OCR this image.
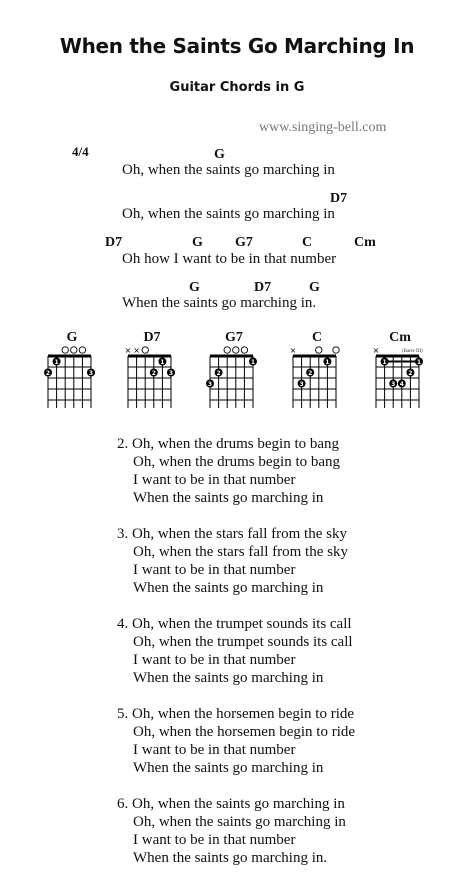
When the Saints Go Marching In
Guitar Chords in G
www.singing-bell.com
4/4	G
Oh, when the saints go marching in
D7
Oh, when the saints go marching in
D7	G G7	C	Cm
Oh how I want to be in that number
G	D7	G
When the saints go marching in.
G
1
2	3
D7
× ×
1
2 3
G7
1
2
3
C
×
1
2
3
Cm
(Barre III)
×
1	1
2
3 4
2. Oh, when the drums begin to bang
Oh, when the drums begin to bang
I want to be in that number
When the saints go marching in
3. Oh, when the stars fall from the sky
Oh, when the stars fall from the sky
I want to be in that number
When the saints go marching in
4. Oh, when the trumpet sounds its call
Oh, when the trumpet sounds its call
I want to be in that number
When the saints go marching in
5. Oh, when the horsemen begin to ride
Oh, when the horsemen begin to ride
I want to be in that number
When the saints go marching in
6. Oh, when the saints go marching in
Oh, when the saints go marching in
I want to be in that number
When the saints go marching in.
